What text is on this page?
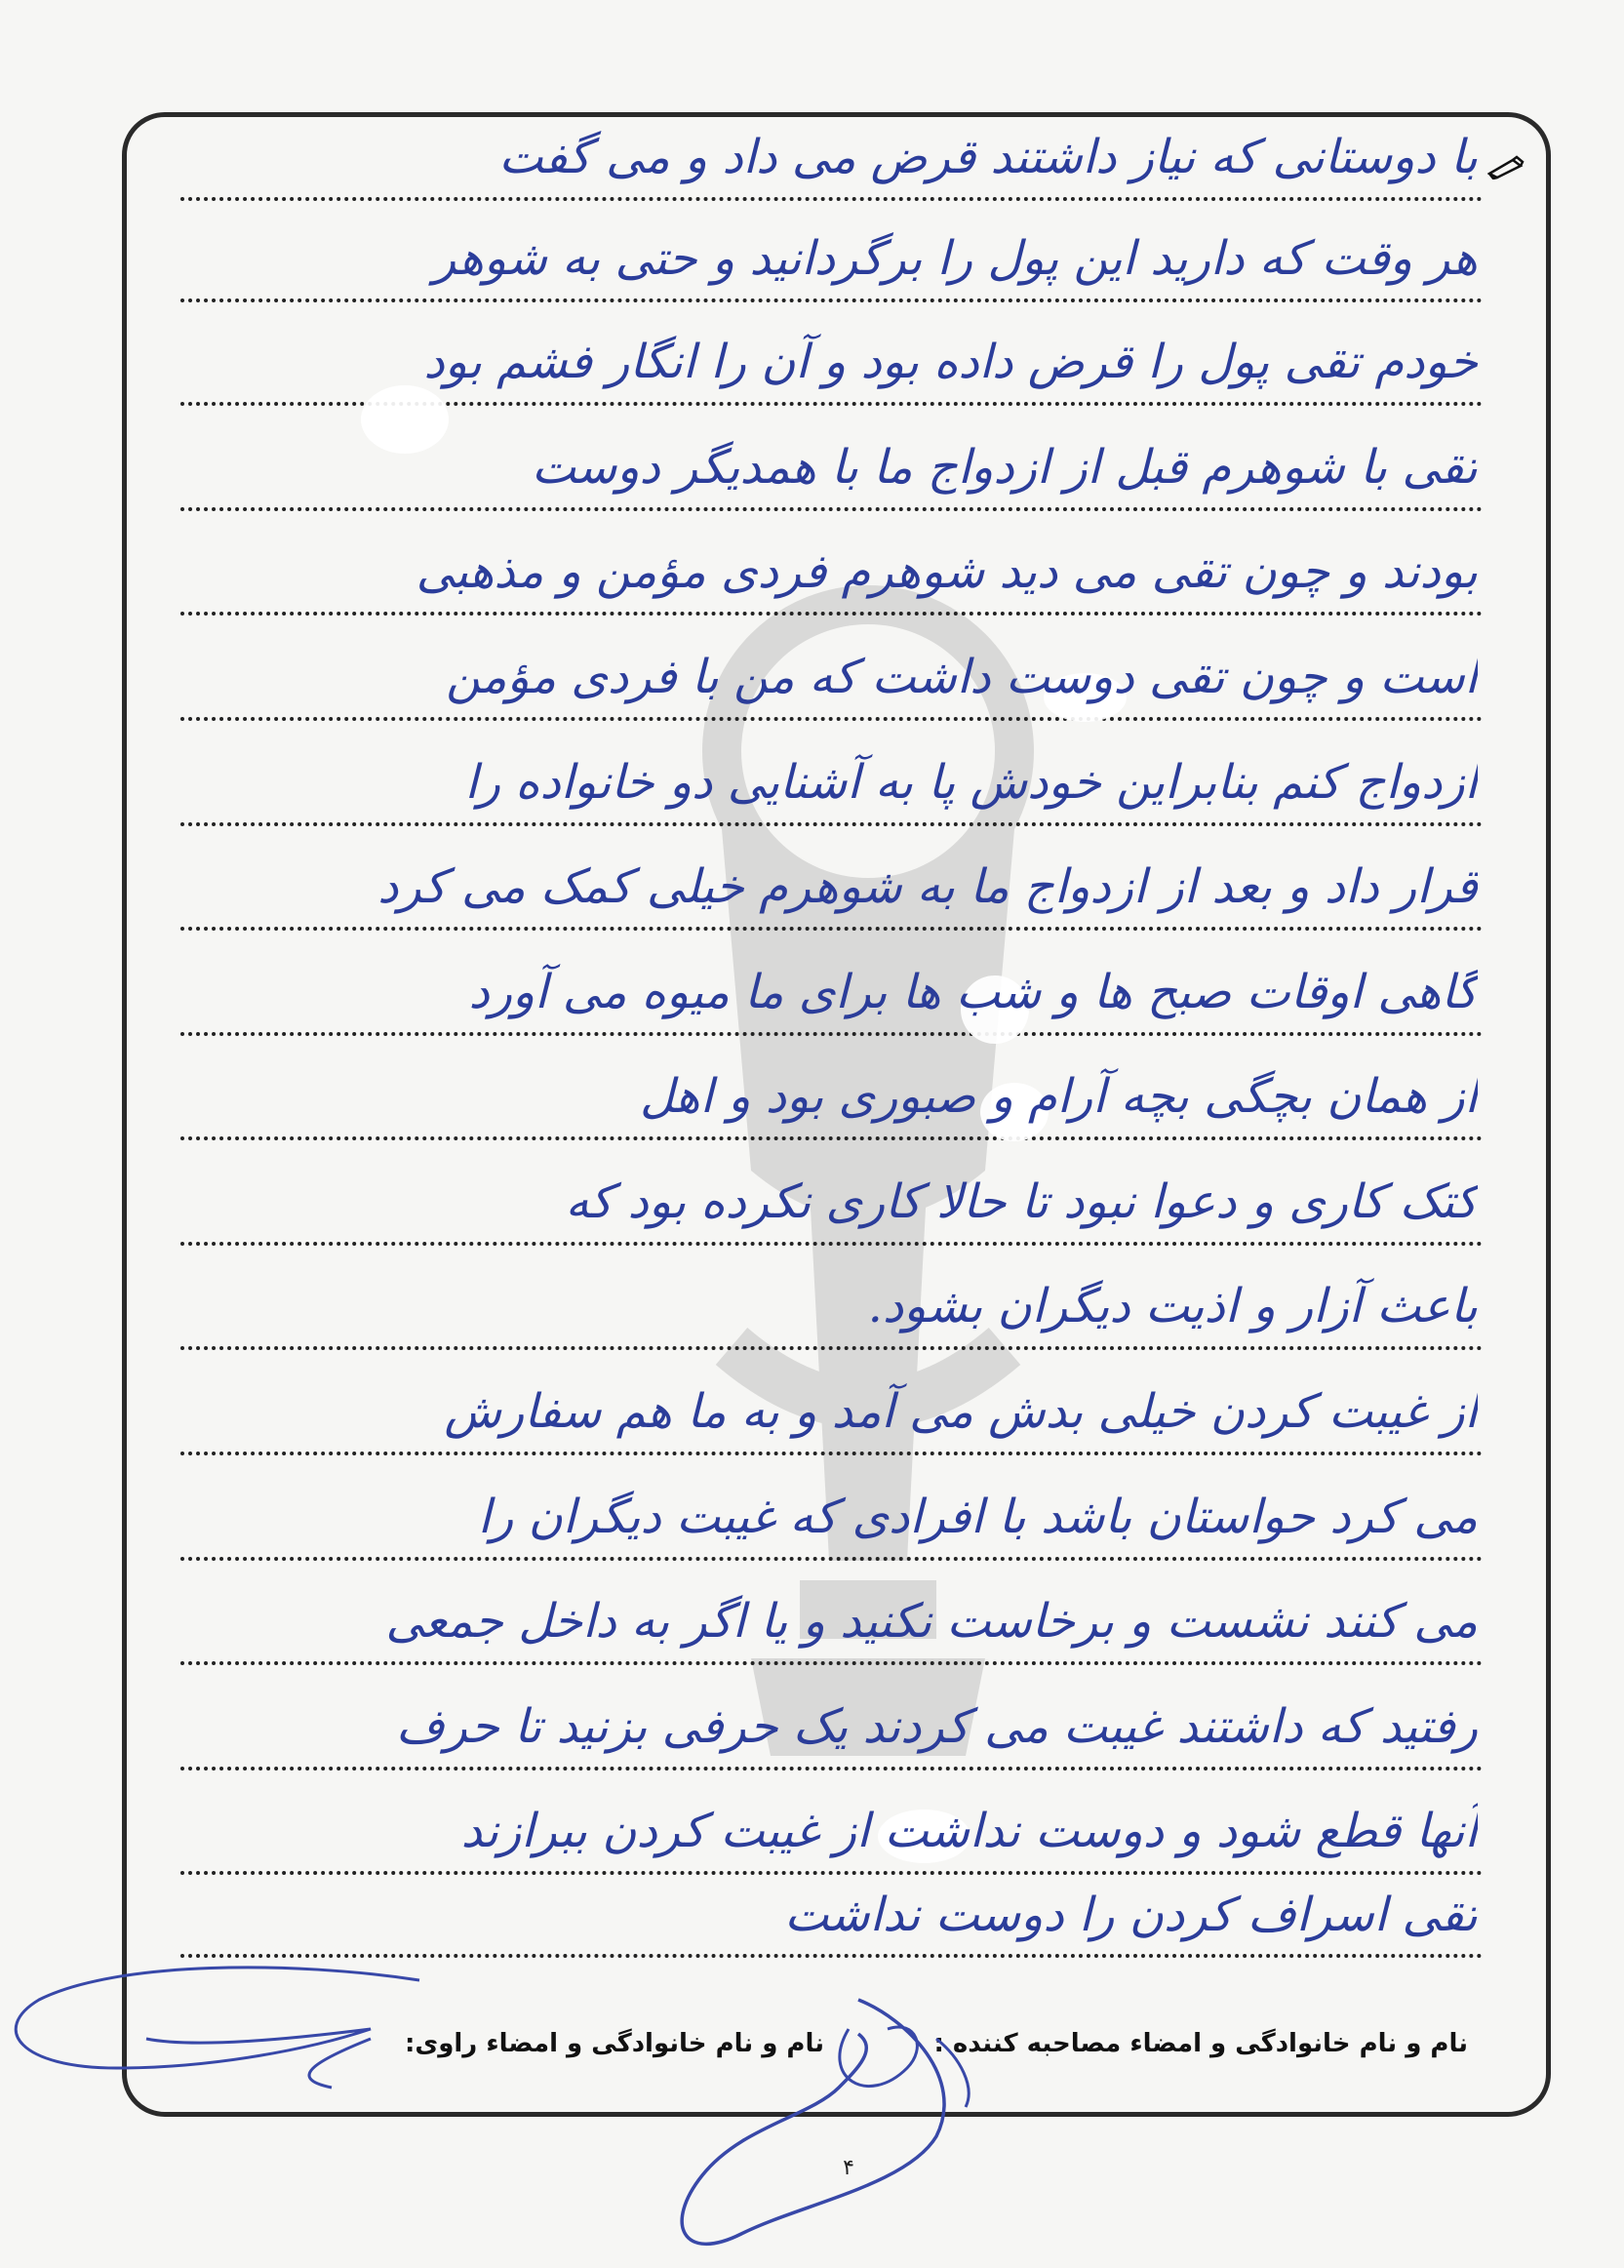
با دوستانی که نیاز داشتند قرض می داد و می گفت
هر وقت که دارید این پول را برگردانید و حتی به شوهر
خودم تقی پول را قرض داده بود و آن را انگار فشم بود
تقی با شوهرم قبل از ازدواج ما با همدیگر دوست
بودند و چون تقی می دید شوهرم فردی مؤمن و مذهبی
است و چون تقی دوست داشت که من با فردی مؤمن
ازدواج کنم بنابراین خودش پا به آشنایی دو خانواده را
قرار داد و بعد از ازدواج ما به شوهرم خیلی کمک می کرد
گاهی اوقات صبح ها و شب ها برای ما میوه می آورد
از همان بچگی بچه آرام و صبوری بود و اهل
کتک کاری و دعوا نبود تا حالا کاری نکرده بود که
باعث آزار و اذیت دیگران بشود.
از غیبت کردن خیلی بدش می آمد و به ما هم سفارش
می کرد حواستان باشد با افرادی که غیبت دیگران را
می کنند نشست و برخاست نکنید و یا اگر به داخل جمعی
رفتید که داشتند غیبت می کردند یک حرفی بزنید تا حرف
آنها قطع شود و دوست نداشت از غیبت کردن ببرازند
تقی اسراف کردن را دوست نداشت
نام و نام خانوادگی و امضاء مصاحبه کننده :
نام و نام خانوادگی و امضاء راوی:
۴
